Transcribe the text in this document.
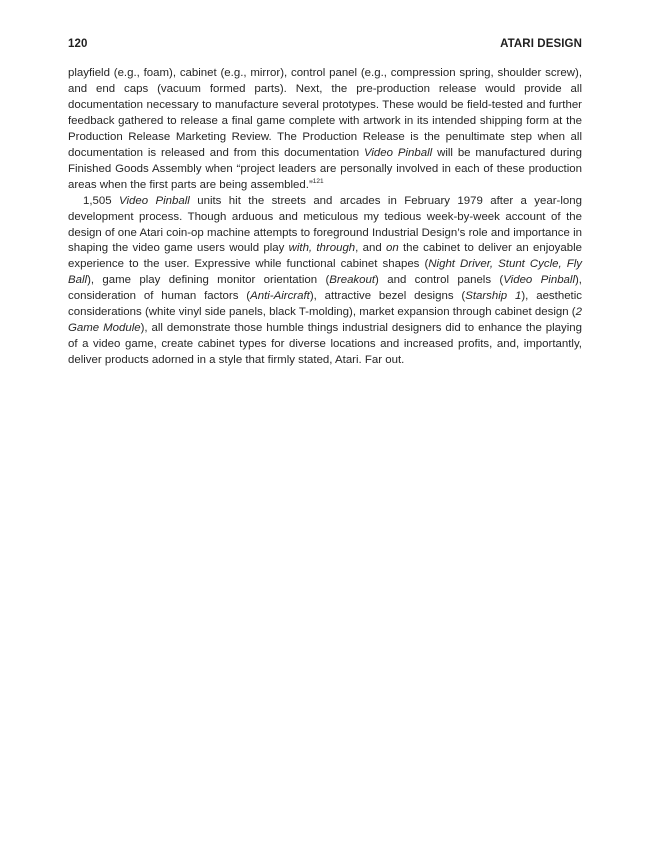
120	ATARI DESIGN

playfield (e.g., foam), cabinet (e.g., mirror), control panel (e.g., compression spring, shoulder screw), and end caps (vacuum formed parts). Next, the pre-production release would provide all documentation necessary to manufacture several prototypes. These would be field-tested and further feedback gathered to release a final game complete with artwork in its intended shipping form at the Production Release Marketing Review. The Production Release is the penultimate step when all documentation is released and from this documentation Video Pinball will be manufactured during Finished Goods Assembly when “project leaders are personally involved in each of these production areas when the first parts are being assembled.”$^{121}$

1,505 Video Pinball units hit the streets and arcades in February 1979 after a year-long development process. Though arduous and meticulous my tedious week-by-week account of the design of one Atari coin-op machine attempts to foreground Industrial Design’s role and importance in shaping the video game users would play with, through, and on the cabinet to deliver an enjoyable experience to the user. Expressive while functional cabinet shapes (Night Driver, Stunt Cycle, Fly Ball), game play defining monitor orientation (Breakout) and control panels (Video Pinball), consideration of human factors (Anti-Aircraft), attractive bezel designs (Starship 1), aesthetic considerations (white vinyl side panels, black T-molding), market expansion through cabinet design (2 Game Module), all demonstrate those humble things industrial designers did to enhance the playing of a video game, create cabinet types for diverse locations and increased profits, and, importantly, deliver products adorned in a style that firmly stated, Atari. Far out.
